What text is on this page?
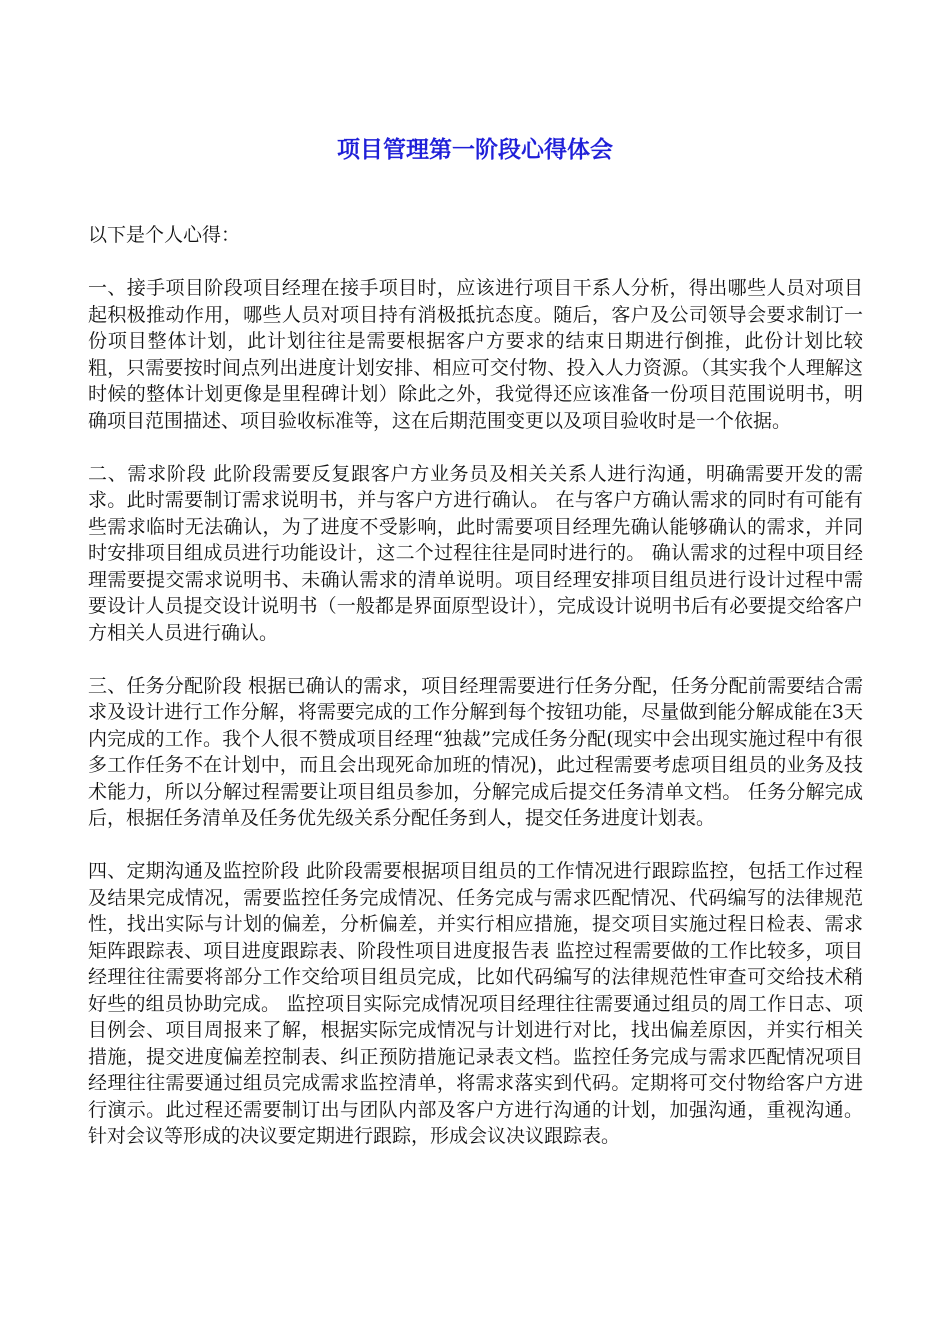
项目管理第一阶段心得体会

以下是个人心得：

一、接手项目阶段项目经理在接手项目时，应该进行项目干系人分析，得出哪些人员对项目起积极推动作用，哪些人员对项目持有消极抵抗态度。随后，客户及公司领导会要求制订一份项目整体计划，此计划往往是需要根据客户方要求的结束日期进行倒推，此份计划比较粗，只需要按时间点列出进度计划安排、相应可交付物、投入人力资源。（其实我个人理解这时候的整体计划更像是里程碑计划）除此之外，我觉得还应该准备一份项目范围说明书，明确项目范围描述、项目验收标准等，这在后期范围变更以及项目验收时是一个依据。

二、需求阶段 此阶段需要反复跟客户方业务员及相关关系人进行沟通，明确需要开发的需求。此时需要制订需求说明书，并与客户方进行确认。 在与客户方确认需求的同时有可能有些需求临时无法确认，为了进度不受影响，此时需要项目经理先确认能够确认的需求，并同时安排项目组成员进行功能设计，这二个过程往往是同时进行的。 确认需求的过程中项目经理需要提交需求说明书、未确认需求的清单说明。项目经理安排项目组员进行设计过程中需要设计人员提交设计说明书（一般都是界面原型设计），完成设计说明书后有必要提交给客户方相关人员进行确认。

三、任务分配阶段 根据已确认的需求，项目经理需要进行任务分配，任务分配前需要结合需求及设计进行工作分解，将需要完成的工作分解到每个按钮功能，尽量做到能分解成能在3天内完成的工作。我个人很不赞成项目经理“独裁”完成任务分配(现实中会出现实施过程中有很多工作任务不在计划中，而且会出现死命加班的情况)，此过程需要考虑项目组员的业务及技术能力，所以分解过程需要让项目组员参加，分解完成后提交任务清单文档。 任务分解完成后，根据任务清单及任务优先级关系分配任务到人，提交任务进度计划表。

四、定期沟通及监控阶段 此阶段需要根据项目组员的工作情况进行跟踪监控，包括工作过程及结果完成情况，需要监控任务完成情况、任务完成与需求匹配情况、代码编写的法律规范性，找出实际与计划的偏差，分析偏差，并实行相应措施，提交项目实施过程日检表、需求矩阵跟踪表、项目进度跟踪表、阶段性项目进度报告表 监控过程需要做的工作比较多，项目经理往往需要将部分工作交给项目组员完成，比如代码编写的法律规范性审查可交给技术稍好些的组员协助完成。 监控项目实际完成情况项目经理往往需要通过组员的周工作日志、项目例会、项目周报来了解，根据实际完成情况与计划进行对比，找出偏差原因，并实行相关措施，提交进度偏差控制表、纠正预防措施记录表文档。监控任务完成与需求匹配情况项目经理往往需要通过组员完成需求监控清单，将需求落实到代码。定期将可交付物给客户方进行演示。此过程还需要制订出与团队内部及客户方进行沟通的计划，加强沟通，重视沟通。针对会议等形成的决议要定期进行跟踪，形成会议决议跟踪表。
